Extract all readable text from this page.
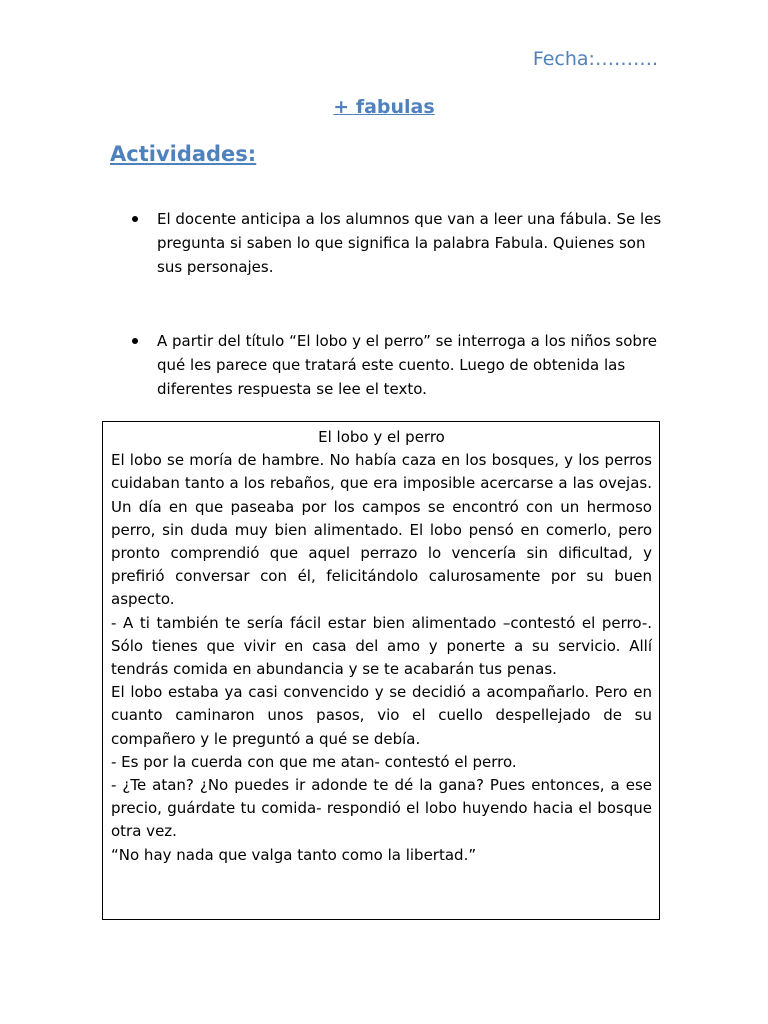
Fecha:……….
+ fabulas
Actividades:
El docente anticipa a los alumnos que van a leer una fábula. Se les pregunta si saben lo que significa la palabra Fabula. Quienes son sus personajes.
A partir del título “El lobo y el perro” se interroga a los niños sobre qué les parece que tratará este cuento. Luego de obtenida las diferentes respuesta se lee el texto.
El lobo y el perro

El lobo se moría de hambre. No había caza en los bosques, y los perros cuidaban tanto a los rebaños, que era imposible acercarse a las ovejas. Un día en que paseaba por los campos se encontró con un hermoso perro, sin duda muy bien alimentado. El lobo pensó en comerlo, pero pronto comprendió que aquel perrazo lo vencería sin dificultad, y prefirió conversar con él, felicitándolo calurosamente por su buen aspecto.

- A ti también te sería fácil estar bien alimentado –contestó el perro-. Sólo tienes que vivir en casa del amo y ponerte a su servicio. Allí tendrás comida en abundancia y se te acabarán tus penas.

El lobo estaba ya casi convencido y se decidió a acompañarlo. Pero en cuanto caminaron unos pasos, vio el cuello despellejado de su compañero y le preguntó a qué se debía.

- Es por la cuerda con que me atan- contestó el perro.

- ¿Te atan? ¿No puedes ir adonde te dé la gana? Pues entonces, a ese precio, guárdate tu comida- respondió el lobo huyendo hacia el bosque otra vez.

“No hay nada que valga tanto como la libertad.”
